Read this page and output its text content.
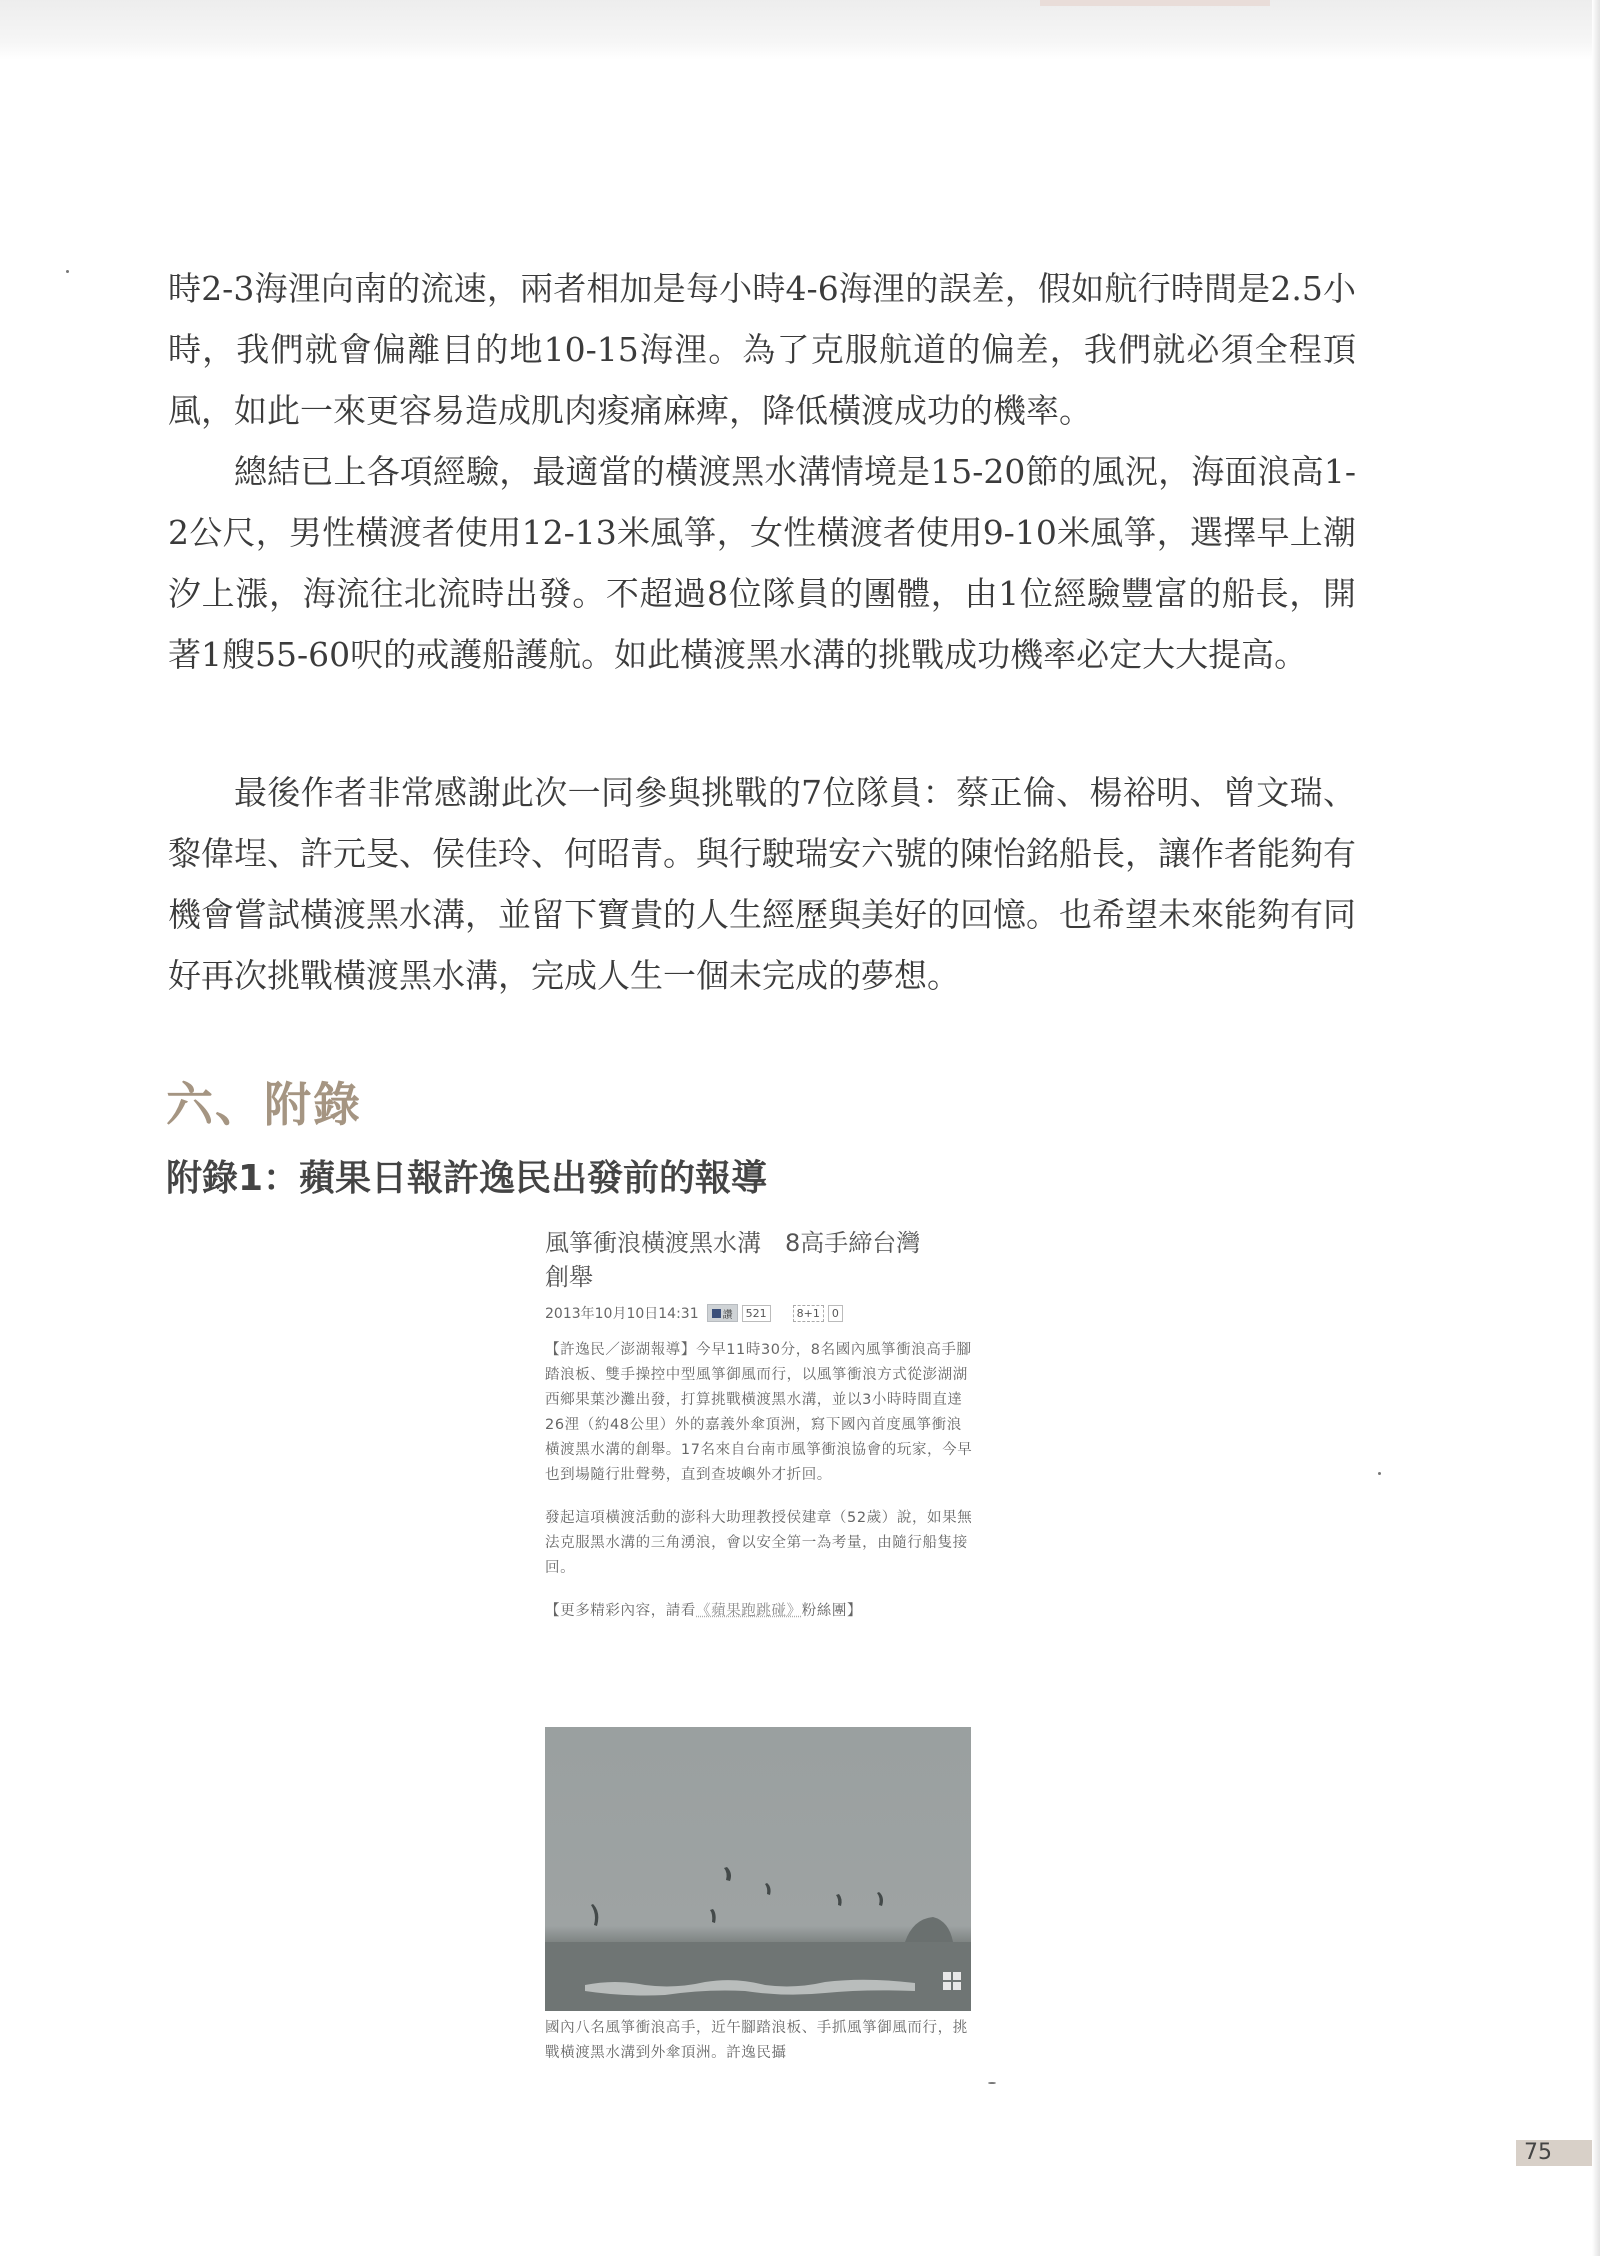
時2-3海浬向南的流速，兩者相加是每小時4-6海浬的誤差，假如航行時間是2.5小時，我們就會偏離目的地10-15海浬。為了克服航道的偏差，我們就必須全程頂風，如此一來更容易造成肌肉痠痛麻痺，降低橫渡成功的機率。

總結已上各項經驗，最適當的橫渡黑水溝情境是15-20節的風況，海面浪高1-2公尺，男性橫渡者使用12-13米風箏，女性橫渡者使用9-10米風箏，選擇早上潮汐上漲，海流往北流時出發。不超過8位隊員的團體，由1位經驗豐富的船長，開著1艘55-60呎的戒護船護航。如此橫渡黑水溝的挑戰成功機率必定大大提高。

最後作者非常感謝此次一同參與挑戰的7位隊員：蔡正倫、楊裕明、曾文瑞、黎偉埕、許元旻、侯佳玲、何昭青。與行駛瑞安六號的陳怡銘船長，讓作者能夠有機會嘗試橫渡黑水溝，並留下寶貴的人生經歷與美好的回憶。也希望未來能夠有同好再次挑戰橫渡黑水溝，完成人生一個未完成的夢想。

六、附錄
附錄1：蘋果日報許逸民出發前的報導

風箏衝浪橫渡黑水溝　8高手締台灣
創舉

2013年10月10日14:31 讚	521	8+1	0

【許逸民／澎湖報導】今早11時30分，8名國內風箏衝浪高手腳踏浪板、雙手操控中型風箏御風而行，以風箏衝浪方式從澎湖湖西鄉果葉沙灘出發，打算挑戰橫渡黑水溝，並以3小時時間直達26浬（約48公里）外的嘉義外傘頂洲，寫下國內首度風箏衝浪橫渡黑水溝的創舉。17名來自台南市風箏衝浪協會的玩家，今早也到場隨行壯聲勢，直到查坡嶼外才折回。

發起這項橫渡活動的澎科大助理教授侯建章（52歲）說，如果無法克服黑水溝的三角湧浪，會以安全第一為考量，由隨行船隻接回。

【更多精彩內容，請看《蘋果跑跳碰》粉絲團】

國內八名風箏衝浪高手，近午腳踏浪板、手抓風箏御風而行，挑戰橫渡黑水溝到外傘頂洲。許逸民攝

75
